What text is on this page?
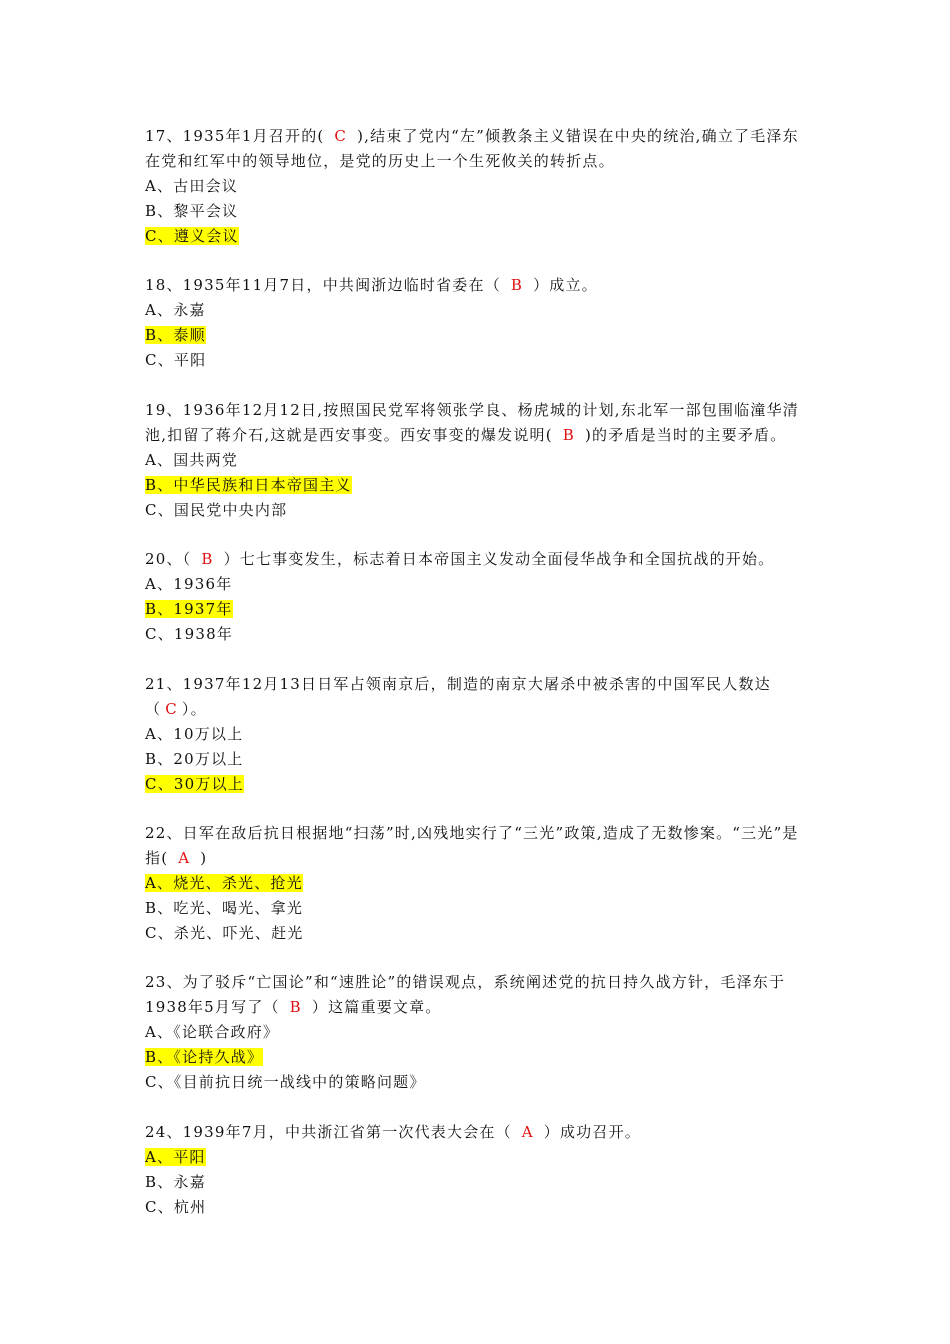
17、1935年1月召开的( C ),结束了党内“左”倾教条主义错误在中央的统治,确立了毛泽东在党和红军中的领导地位，是党的历史上一个生死攸关的转折点。

A、古田会议
B、黎平会议
C、遵义会议

18、1935年11月7日，中共闽浙边临时省委在（ B ）成立。

A、永嘉
B、泰顺
C、平阳

19、1936年12月12日,按照国民党军将领张学良、杨虎城的计划,东北军一部包围临潼华清池,扣留了蒋介石,这就是西安事变。西安事变的爆发说明( B )的矛盾是当时的主要矛盾。

A、国共两党
B、中华民族和日本帝国主义
C、国民党中央内部

20、（ B ）七七事变发生，标志着日本帝国主义发动全面侵华战争和全国抗战的开始。

A、1936年
B、1937年
C、1938年

21、1937年12月13日日军占领南京后，制造的南京大屠杀中被杀害的中国军民人数达（ C ）。

A、10万以上
B、20万以上
C、30万以上

22、日军在敌后抗日根据地“扫荡”时,凶残地实行了“三光”政策,造成了无数惨案。“三光”是指( A )

A、烧光、杀光、抢光
B、吃光、喝光、拿光
C、杀光、吓光、赶光

23、为了驳斥“亡国论”和“速胜论”的错误观点，系统阐述党的抗日持久战方针，毛泽东于1938年5月写了（ B ）这篇重要文章。

A、《论联合政府》
B、《论持久战》
C、《目前抗日统一战线中的策略问题》

24、1939年7月，中共浙江省第一次代表大会在（ A ）成功召开。

A、平阳
B、永嘉
C、杭州
